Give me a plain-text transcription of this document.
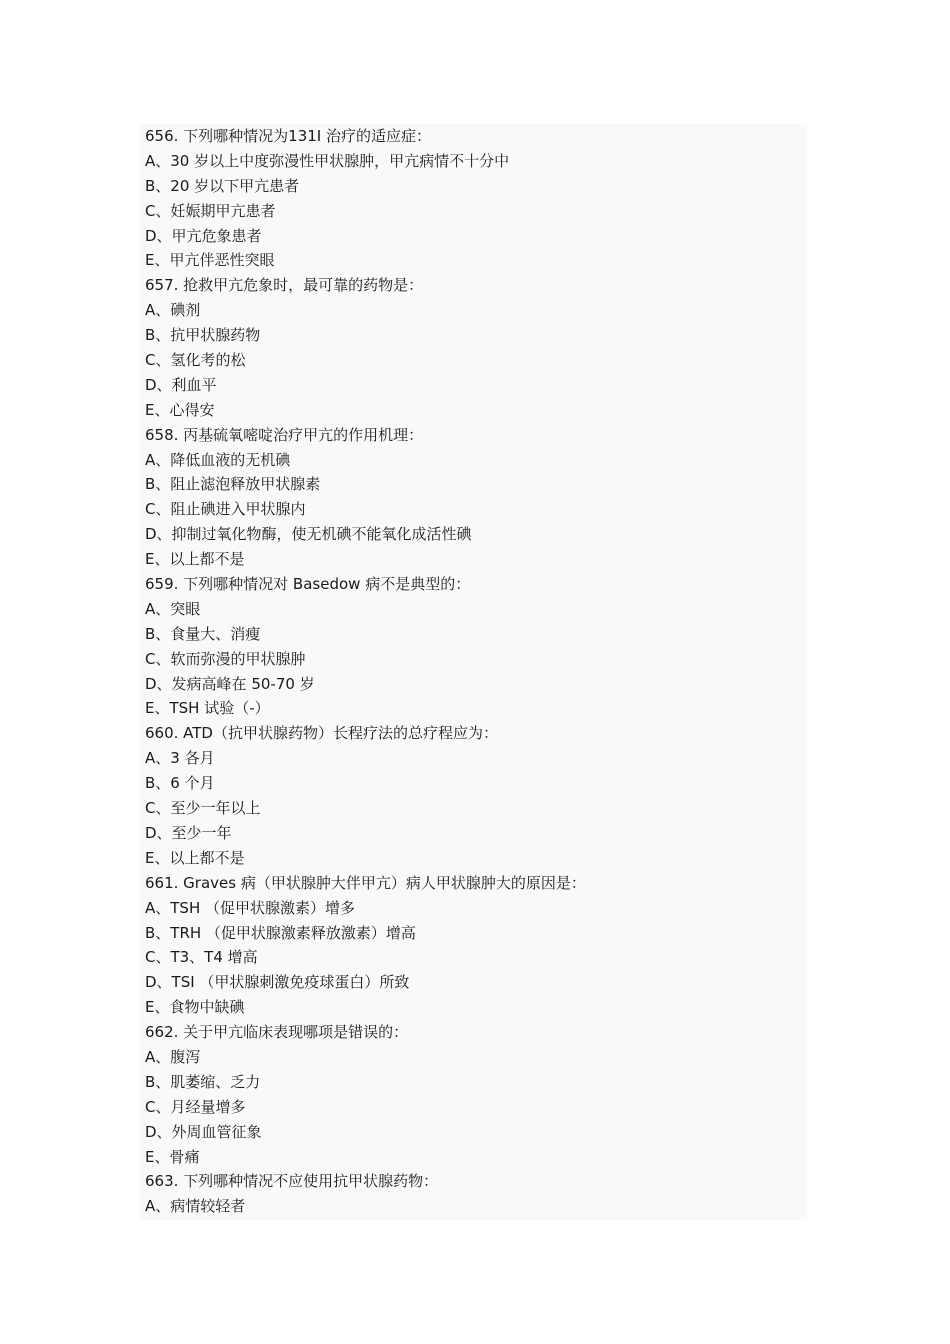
656. 下列哪种情况为131I 治疗的适应症：
A、30 岁以上中度弥漫性甲状腺肿，甲亢病情不十分中
B、20 岁以下甲亢患者
C、妊娠期甲亢患者
D、甲亢危象患者
E、甲亢伴恶性突眼
657. 抢救甲亢危象时，最可靠的药物是：
A、碘剂
B、抗甲状腺药物
C、氢化考的松
D、利血平
E、心得安
658. 丙基硫氧嘧啶治疗甲亢的作用机理：
A、降低血液的无机碘
B、阻止滤泡释放甲状腺素
C、阻止碘进入甲状腺内
D、抑制过氧化物酶，使无机碘不能氧化成活性碘
E、以上都不是
659. 下列哪种情况对 Basedow 病不是典型的：
A、突眼
B、食量大、消瘦
C、软而弥漫的甲状腺肿
D、发病高峰在 50-70 岁
E、TSH 试验（-）
660. ATD（抗甲状腺药物）长程疗法的总疗程应为：
A、3 各月
B、6 个月
C、至少一年以上
D、至少一年
E、以上都不是
661. Graves 病（甲状腺肿大伴甲亢）病人甲状腺肿大的原因是：
A、TSH （促甲状腺激素）增多
B、TRH （促甲状腺激素释放激素）增高
C、T3、T4 增高
D、TSI （甲状腺刺激免疫球蛋白）所致
E、食物中缺碘
662. 关于甲亢临床表现哪项是错误的：
A、腹泻
B、肌萎缩、乏力
C、月经量增多
D、外周血管征象
E、骨痛
663. 下列哪种情况不应使用抗甲状腺药物：
A、病情较轻者
